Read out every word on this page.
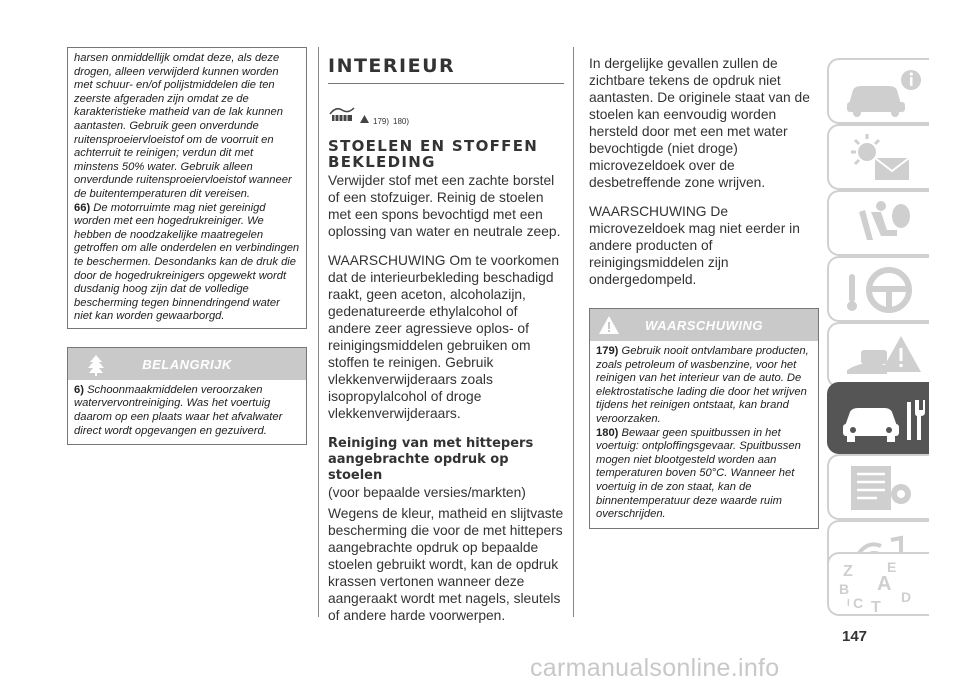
harsen onmiddellijk omdat deze, als deze drogen, alleen verwijderd kunnen worden met schuur- en/of polijstmiddelen die ten zeerste afgeraden zijn omdat ze de karakteristieke matheid van de lak kunnen aantasten. Gebruik geen onverdunde ruitensproeiervloeistof om de voorruit en achterruit te reinigen; verdun dit met minstens 50% water. Gebruik alleen onverdunde ruitensproeiervloeistof wanneer de buitentemperaturen dit vereisen.

66) De motorruimte mag niet gereinigd worden met een hogedrukreiniger. We hebben de noodzakelijke maatregelen getroffen om alle onderdelen en verbindingen te beschermen. Desondanks kan de druk die door de hogedrukreinigers opgewekt wordt dusdanig hoog zijn dat de volledige bescherming tegen binnendringend water niet kan worden gewaarborgd.

BELANGRIJK

6) Schoonmaakmiddelen veroorzaken watervervontreiniging. Was het voertuig daarom op een plaats waar het afvalwater direct wordt opgevangen en gezuiverd.

INTERIEUR
179) 180)
STOELEN EN STOFFEN BEKLEDING

Verwijder stof met een zachte borstel of een stofzuiger. Reinig de stoelen met een spons bevochtigd met een oplossing van water en neutrale zeep.

WAARSCHUWING Om te voorkomen dat de interieurbekleding beschadigd raakt, geen aceton, alcoholazijn, gedenatureerde ethylalcohol of andere zeer agressieve oplos- of reinigingsmiddelen gebruiken om stoffen te reinigen. Gebruik vlekkenverwijderaars zoals isopropylalcohol of droge vlekkenverwijderaars.

Reiniging van met hittepers aangebrachte opdruk op stoelen

(voor bepaalde versies/markten)

Wegens de kleur, matheid en slijtvaste bescherming die voor de met hittepers aangebrachte opdruk op bepaalde stoelen gebruikt wordt, kan de opdruk krassen vertonen wanneer deze aangeraakt wordt met nagels, sleutels of andere harde voorwerpen.

In dergelijke gevallen zullen de zichtbare tekens de opdruk niet aantasten. De originele staat van de stoelen kan eenvoudig worden hersteld door met een met water bevochtigde (niet droge) microvezeldoek over de desbetreffende zone wrijven.

WAARSCHUWING De microvezeldoek mag niet eerder in andere producten of reinigingsmiddelen zijn ondergedompeld.

WAARSCHUWING

179) Gebruik nooit ontvlambare producten, zoals petroleum of wasbenzine, voor het reinigen van het interieur van de auto. De elektrostatische lading die door het wrijven tijdens het reinigen ontstaat, kan brand veroorzaken.

180) Bewaar geen spuitbussen in het voertuig: ontploffingsgevaar. Spuitbussen mogen niet blootgesteld worden aan temperaturen boven 50°C. Wanneer het voertuig in de zon staat, kan de binnentemperatuur deze waarde ruim overschrijden.

Z E
A
B
C T
D
I
147
carmanualsonline.info
